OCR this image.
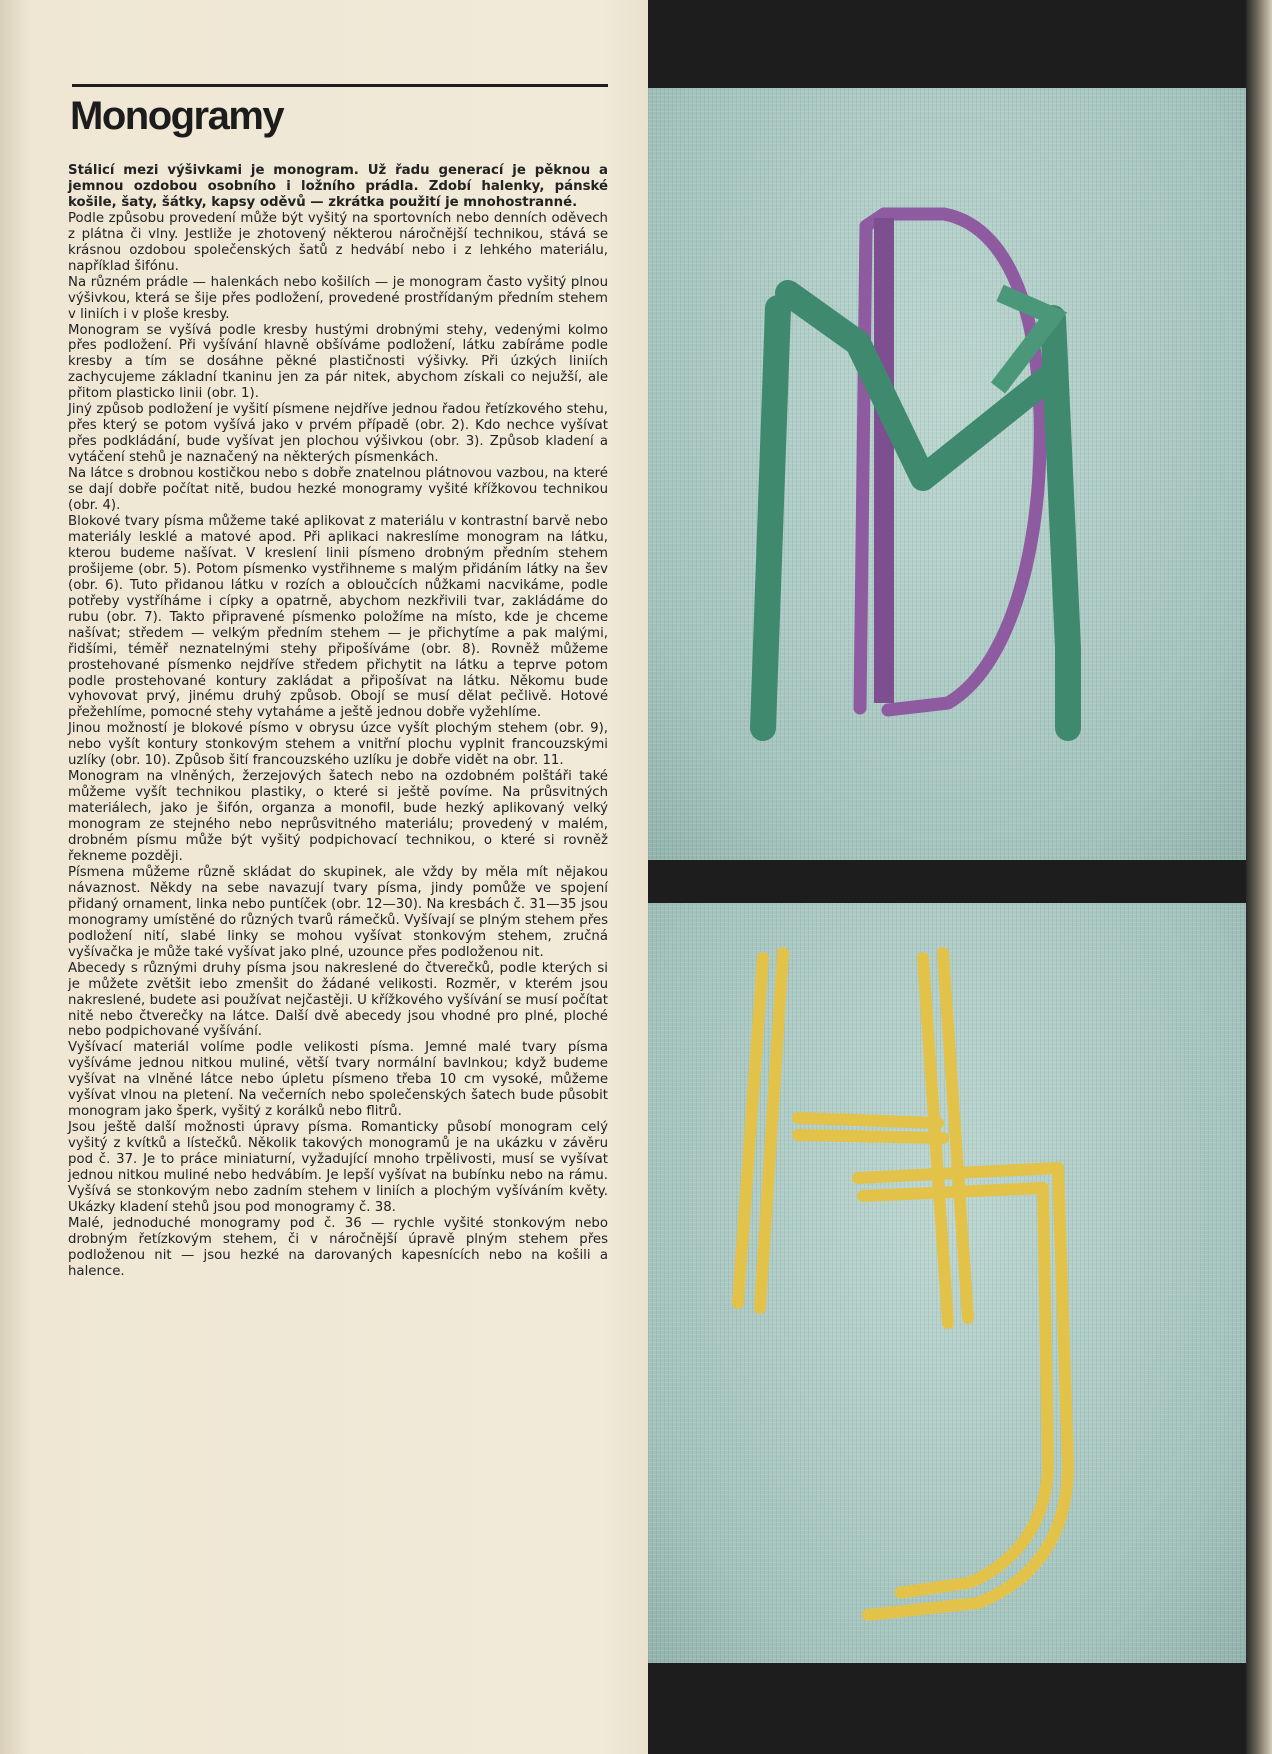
Monogramy

Stálicí mezi výšivkami je monogram. Už řadu generací je pěknou a jemnou ozdobou osobního i ložního prádla. Zdobí halenky, pánské košile, šaty, šátky, kapsy oděvů — zkrátka použití je mnohostranné.

Podle způsobu provedení může být vyšitý na sportovních nebo denních oděvech z plátna či vlny. Jestliže je zhotovený některou náročnější technikou, stává se krásnou ozdobou společenských šatů z hedvábí nebo i z lehkého materiálu, například šifónu.

Na různém prádle — halenkách nebo košilích — je monogram často vyšitý plnou výšivkou, která se šije přes podložení, provedené prostřídaným předním stehem v liniích i v ploše kresby.

Monogram se vyšívá podle kresby hustými drobnými stehy, vedenými kolmo přes podložení. Při vyšívání hlavně obšíváme podložení, látku zabíráme podle kresby a tím se dosáhne pěkné plastičnosti výšivky. Při úzkých liniích zachycujeme základní tkaninu jen za pár nitek, abychom získali co nejužší, ale přitom plasticko linii (obr. 1).

Jiný způsob podložení je vyšití písmene nejdříve jednou řadou řetízkového stehu, přes který se potom vyšívá jako v prvém případě (obr. 2). Kdo nechce vyšívat přes podkládání, bude vyšívat jen plochou výšivkou (obr. 3). Způsob kladení a vytáčení stehů je naznačený na některých písmenkách.

Na látce s drobnou kostičkou nebo s dobře znatelnou plátnovou vazbou, na které se dají dobře počítat nitě, budou hezké monogramy vyšité křížkovou technikou (obr. 4).

Blokové tvary písma můžeme také aplikovat z materiálu v kontrastní barvě nebo materiály lesklé a matové apod. Při aplikaci nakreslíme monogram na látku, kterou budeme našívat. V kreslení linii písmeno drobným předním stehem prošijeme (obr. 5). Potom písmenko vystřihneme s malým přidáním látky na šev (obr. 6). Tuto přidanou látku v rozích a obloučcích nůžkami nacvikáme, podle potřeby vystříháme i cípky a opatrně, abychom nezkřivili tvar, zakládáme do rubu (obr. 7). Takto připravené písmenko položíme na místo, kde je chceme našívat; středem — velkým předním stehem — je přichytíme a pak malými, řidšími, téměř neznatelnými stehy připošíváme (obr. 8). Rovněž můžeme prostehované písmenko nejdříve středem přichytit na látku a teprve potom podle prostehované kontury zakládat a připošívat na látku. Někomu bude vyhovovat prvý, jinému druhý způsob. Obojí se musí dělat pečlivě. Hotové přežehlíme, pomocné stehy vytaháme a ještě jednou dobře vyžehlíme.

Jinou možností je blokové písmo v obrysu úzce vyšít plochým stehem (obr. 9), nebo vyšít kontury stonkovým stehem a vnitřní plochu vyplnit francouzskými uzlíky (obr. 10). Způsob šití francouzského uzlíku je dobře vidět na obr. 11.

Monogram na vlněných, žerzejových šatech nebo na ozdobném polštáři také můžeme vyšít technikou plastiky, o které si ještě povíme. Na průsvitných materiálech, jako je šifón, organza a monofil, bude hezký aplikovaný velký monogram ze stejného nebo neprůsvitného materiálu; provedený v malém, drobném písmu může být vyšitý podpichovací technikou, o které si rovněž řekneme později.

Písmena můžeme různě skládat do skupinek, ale vždy by měla mít nějakou návaznost. Někdy na sebe navazují tvary písma, jindy pomůže ve spojení přidaný ornament, linka nebo puntíček (obr. 12—30). Na kresbách č. 31—35 jsou monogramy umístěné do různých tvarů rámečků. Vyšívají se plným stehem přes podložení nití, slabé linky se mohou vyšívat stonkovým stehem, zručná vyšívačka je může také vyšívat jako plné, uzounce přes podloženou nit.

Abecedy s různými druhy písma jsou nakreslené do čtverečků, podle kterých si je můžete zvětšit iebo zmenšit do žádané velikosti. Rozměr, v kterém jsou nakreslené, budete asi používat nejčastěji. U křížkového vyšívání se musí počítat nitě nebo čtverečky na látce. Další dvě abecedy jsou vhodné pro plné, ploché nebo podpichované vyšívání.

Vyšívací materiál volíme podle velikosti písma. Jemné malé tvary písma vyšíváme jednou nitkou muliné, větší tvary normální bavlnkou; když budeme vyšívat na vlněné látce nebo úpletu písmeno třeba 10 cm vysoké, můžeme vyšívat vlnou na pletení. Na večerních nebo společenských šatech bude působit monogram jako šperk, vyšitý z korálků nebo flitrů.

Jsou ještě další možnosti úpravy písma. Romanticky působí monogram celý vyšitý z kvítků a lístečků. Několik takových monogramů je na ukázku v závěru pod č. 37. Je to práce miniaturní, vyžadující mnoho trpělivosti, musí se vyšívat jednou nitkou muliné nebo hedvábím. Je lepší vyšívat na bubínku nebo na rámu. Vyšívá se stonkovým nebo zadním stehem v liniích a plochým vyšíváním květy. Ukázky kladení stehů jsou pod monogramy č. 38.

Malé, jednoduché monogramy pod č. 36 — rychle vyšité stonkovým nebo drobným řetízkovým stehem, či v náročnější úpravě plným stehem přes podloženou nit — jsou hezké na darovaných kapesnících nebo na košili a halence.
